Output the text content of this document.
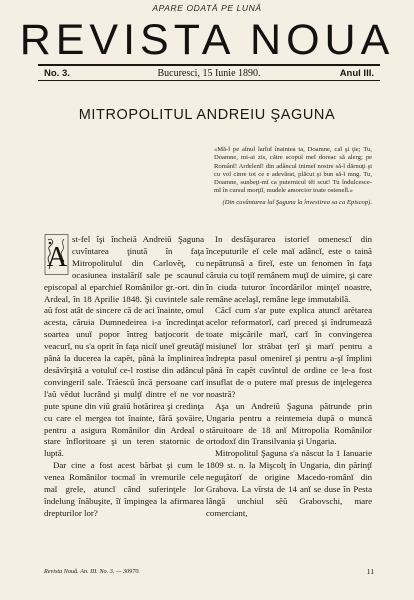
APARE ODATĂ PE LUNĂ
REVISTA NOUA
No. 3.	Bucuresci, 15 Iunie 1890.	Anul III.
MITROPOLITUL ANDREIU ŞAGUNA
«Mă-ĭ pe aĭnul larĭuĭ înaintea ta, Doamne, caĭ şi ţie; Tu, Doamne, mi-ai zis, către scopul meĭ doreac să alerg; pe Românĭ! Ardelenĭ! din adâncul inimeĭ nostre să-ĭ dărnuţi şi cu voĭ cinre tot ce e adevărat, plăcut şi bun să-ĭ mng. Tu, Doamne, sunbeţi-mĭ ca puternicul tĕi scut! Tu îndulcesce-mĭ în cursul morţiĭ, mudele amorcior toate ostenelĭ.»
(Din cuvântarea luĭ Şaguna la învestirea sa ca Episcop).
A

st-fel îşi încheiă Andreiŭ Şaguna cuvîntarea ţinută în faţa Mitropolituluĭ din Carlovĕţ, cu ocasiunea instalăriĭ sale pe scaunul episcopal al eparchieĭ Românilor gr.-ort. din Ardeal, în 18 Aprilie 1848. Şi cuvintele sale aŭ fost atât de sincere că de aci înainte, omul acesta, căruia Dumnedeirea i-a încredinţat soartea unuĭ popor întreg batjocorit de veacurĭ, nu s'a oprit în faţa niciĭ uneĭ greutăţĭ pânà la ducerea la capĕt, pânà la împlinirea desăvîrşită a votuluĭ ce-l rostise din adâncul convingeriĭ sale. Trăescŭ încă persoane carĭ l'aŭ vĕdut lucrând şi mulţĭ dintre eĭ ne vor pute spune din viŭ graiŭ hotărirea şi credinţa cu care el mergea tot înainte, fără şovăire, pentru a asigura Românilor din Ardeal o stare înfloritoare şi un teren statornic de luptă.

Dar cine a fost acest bărbat şi cum le venea Românilor tocmaĭ în vremurile cele maĭ grele, atuncĭ când suferinţele lor îndelung înăbuşite, îĭ împingea la afirmarea drepturilor lor?

In desfăşurarea istorieĭ omenescĭ din începuturile eĭ cele maĭ adâncĭ, este o taină nepătrunsă a fireĭ, este un fenomen în faţa căruia cu toţiĭ remânem muţĭ de uimire, şi care în ciuda tuturor încordărilor minţeĭ noastre, remâne acelaşĭ, remâne lege immutabilă.

Căcĭ cum s'ar pute explica atuncĭ arĕtarea acelor reformatorĭ, carĭ preced şi îndrumează toate mişcările marĭ, carĭ în convingerea misiuneĭ lor străbat ţerĭ şi marĭ pentru a îndrepta pasul omenireĭ şi pentru a-şĭ împlini pânà în capĕt cuvîntul de ordine ce le-a fost insuflat de o putere maĭ presus de inţelegerea noastră?

Aşa un Andreiŭ Şaguna pătrunde prin Ungaria pentru a reintemeia după o muncă stăruitoare de 18 anĭ Mitropolia Românilor ortodoxĭ din Transilvania şi Ungaria.

Mitropolitul Şaguna s'a născut la 1 Ianuarie 1809 st. n. la Mişcolţ în Ungaria, din părinţĭ neguţătorĭ de origine Macedo-românĭ din Grabova. La vîrsta de 14 anĭ se duse în Pesta lângă unchiul sĕŭ Grabovschi, mare comerciant,

Revista Nouă. An. III. No. 3. — 30970.	11
